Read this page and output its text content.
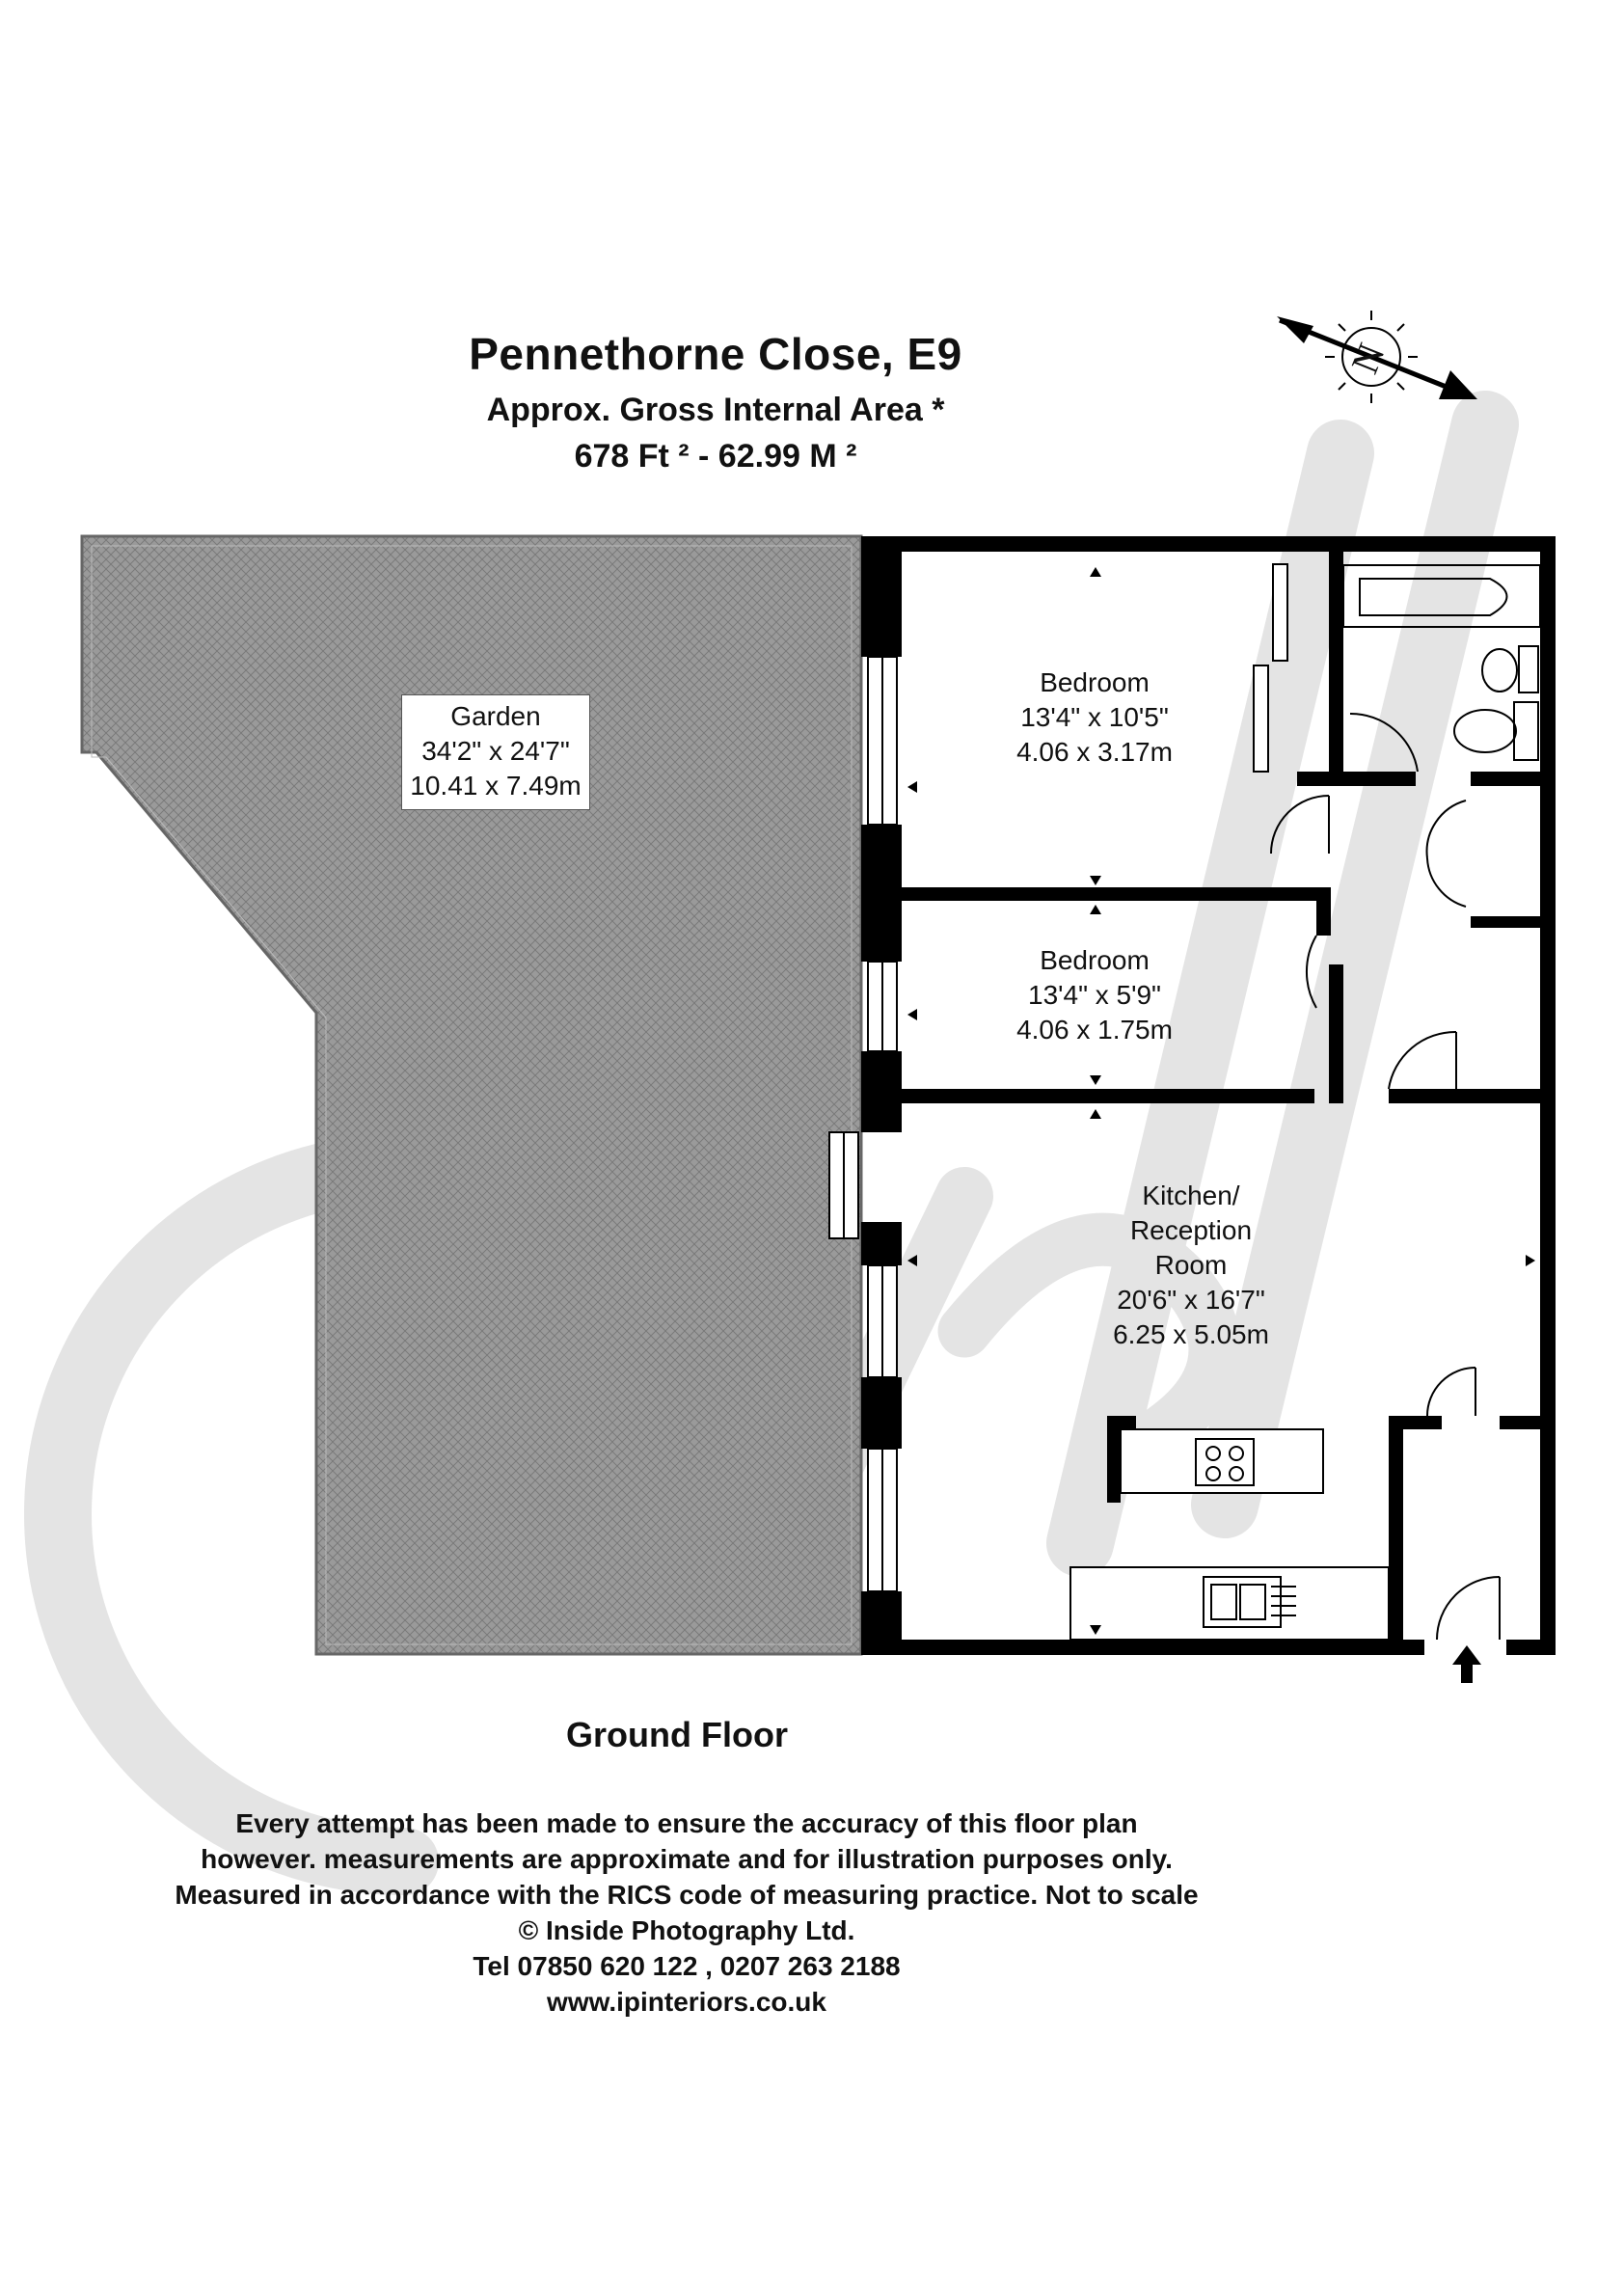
Pennethorne Close, E9
Approx. Gross Internal Area *
678 Ft ² - 62.99 M ²
N
Garden
34'2" x 24'7"
10.41 x 7.49m
Bedroom
13'4" x 10'5"
4.06 x 3.17m
Bedroom
13'4" x 5'9"
4.06 x 1.75m
Kitchen/
Reception
Room
20'6" x 16'7"
6.25 x 5.05m
Ground Floor
Every attempt has been made to ensure the accuracy of this floor plan
however. measurements are approximate and for illustration purposes only.
Measured in accordance with the RICS code of measuring practice. Not to scale
© Inside Photography Ltd.
Tel 07850 620 122 , 0207 263 2188
www.ipinteriors.co.uk
